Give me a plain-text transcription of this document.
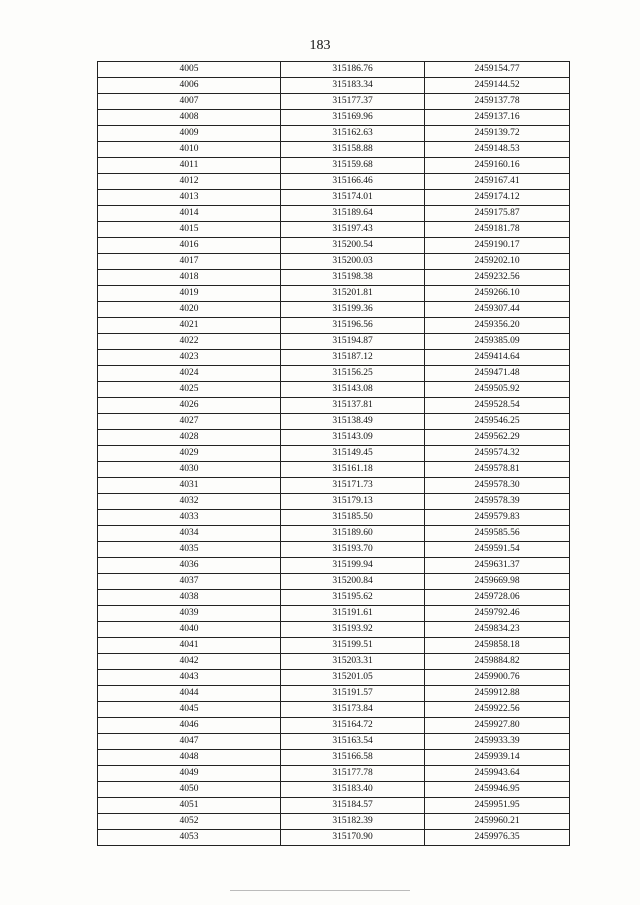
183
4005	315186.76	2459154.77
4006	315183.34	2459144.52
4007	315177.37	2459137.78
4008	315169.96	2459137.16
4009	315162.63	2459139.72
4010	315158.88	2459148.53
4011	315159.68	2459160.16
4012	315166.46	2459167.41
4013	315174.01	2459174.12
4014	315189.64	2459175.87
4015	315197.43	2459181.78
4016	315200.54	2459190.17
4017	315200.03	2459202.10
4018	315198.38	2459232.56
4019	315201.81	2459266.10
4020	315199.36	2459307.44
4021	315196.56	2459356.20
4022	315194.87	2459385.09
4023	315187.12	2459414.64
4024	315156.25	2459471.48
4025	315143.08	2459505.92
4026	315137.81	2459528.54
4027	315138.49	2459546.25
4028	315143.09	2459562.29
4029	315149.45	2459574.32
4030	315161.18	2459578.81
4031	315171.73	2459578.30
4032	315179.13	2459578.39
4033	315185.50	2459579.83
4034	315189.60	2459585.56
4035	315193.70	2459591.54
4036	315199.94	2459631.37
4037	315200.84	2459669.98
4038	315195.62	2459728.06
4039	315191.61	2459792.46
4040	315193.92	2459834.23
4041	315199.51	2459858.18
4042	315203.31	2459884.82
4043	315201.05	2459900.76
4044	315191.57	2459912.88
4045	315173.84	2459922.56
4046	315164.72	2459927.80
4047	315163.54	2459933.39
4048	315166.58	2459939.14
4049	315177.78	2459943.64
4050	315183.40	2459946.95
4051	315184.57	2459951.95
4052	315182.39	2459960.21
4053	315170.90	2459976.35
